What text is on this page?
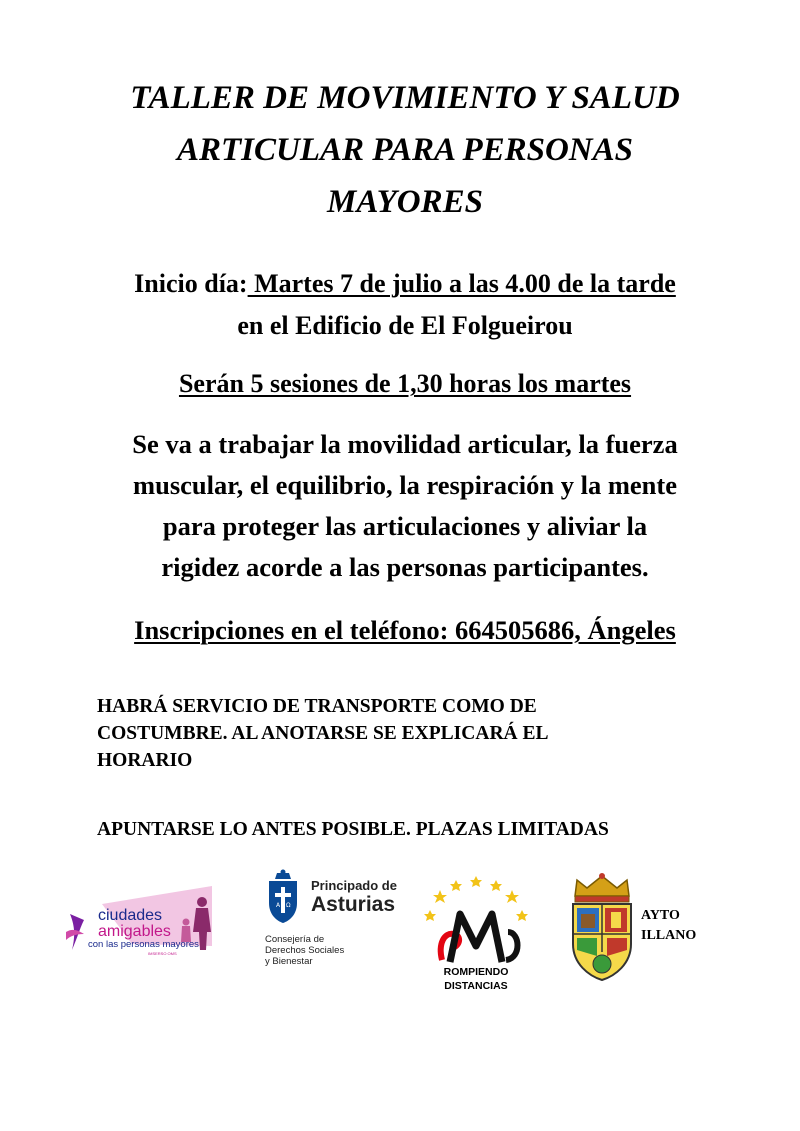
TALLER DE MOVIMIENTO Y SALUD
ARTICULAR PARA PERSONAS
MAYORES
Inicio día: Martes 7 de julio a las 4.00 de la tarde
en el Edificio de El Folgueirou
Serán 5 sesiones de 1,30 horas los martes
Se va a trabajar la movilidad articular, la fuerza
muscular, el equilibrio, la respiración y la mente
para proteger las articulaciones y aliviar la
rigidez acorde a las personas participantes.
Inscripciones en el teléfono: 664505686, Ángeles
HABRÁ SERVICIO DE TRANSPORTE COMO DE
COSTUMBRE. AL ANOTARSE SE EXPLICARÁ EL
HORARIO
APUNTARSE LO ANTES POSIBLE. PLAZAS LIMITADAS
ciudades
amigables
con las personas mayores
IMSERSO OMS
A Ω
Principado de
Asturias
Consejería de
Derechos Sociales
y Bienestar
ROMPIENDO
DISTANCIAS
AYTO
ILLANO
